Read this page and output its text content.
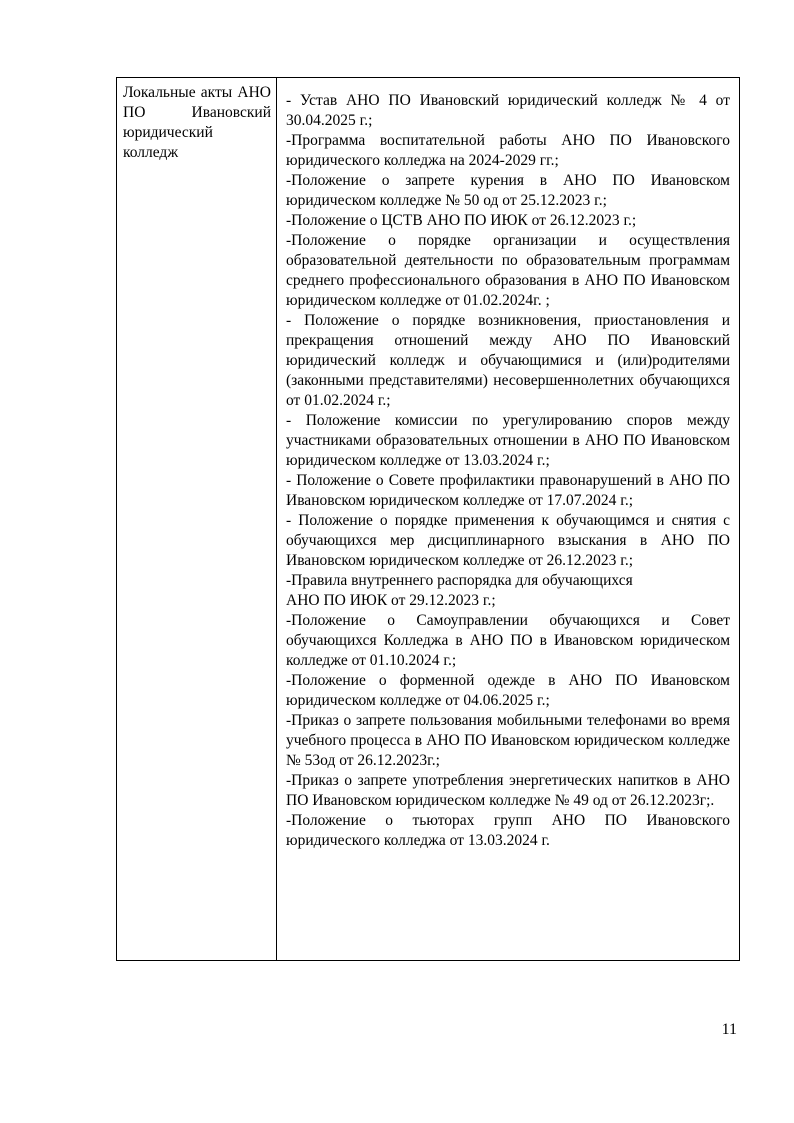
Локальные акты АНО ПО Ивановский юридический колледж

- Устав АНО ПО Ивановский юридический колледж № 4 от 30.04.2025 г.;

-Программа воспитательной работы АНО ПО Ивановского юридического колледжа на 2024-2029 гг.;

-Положение о запрете курения в АНО ПО Ивановском юридическом колледже № 50 од от 25.12.2023 г.;

-Положение о ЦСТВ АНО ПО ИЮК от 26.12.2023 г.;

-Положение о порядке организации и осуществления образовательной деятельности по образовательным программам среднего профессионального образования в АНО ПО Ивановском юридическом колледже от 01.02.2024г. ;

- Положение о порядке возникновения, приостановления и прекращения отношений между АНО ПО Ивановский юридический колледж и обучающимися и (или)родителями (законными представителями) несовершеннолетних обучающихся от 01.02.2024 г.;

- Положение комиссии по урегулированию споров между участниками образовательных отношении в АНО ПО Ивановском юридическом колледже от 13.03.2024 г.;

- Положение о Совете профилактики правонарушений в АНО ПО Ивановском юридическом колледже от 17.07.2024 г.;

- Положение о порядке применения к обучающимся и снятия с обучающихся мер дисциплинарного взыскания в АНО ПО Ивановском юридическом колледже от 26.12.2023 г.;

-Правила внутреннего распорядка для обучающихся

АНО ПО ИЮК от 29.12.2023 г.;

-Положение о Самоуправлении обучающихся и Совет обучающихся Колледжа в АНО ПО в Ивановском юридическом колледже от 01.10.2024 г.;

-Положение о форменной одежде в АНО ПО Ивановском юридическом колледже от 04.06.2025 г.;

-Приказ о запрете пользования мобильными телефонами во время учебного процесса в АНО ПО Ивановском юридическом колледже № 53од от 26.12.2023г.;

-Приказ о запрете употребления энергетических напитков в АНО ПО Ивановском юридическом колледже № 49 од от 26.12.2023г;.

-Положение о тьюторах групп АНО ПО Ивановского юридического колледжа от 13.03.2024 г.

11
